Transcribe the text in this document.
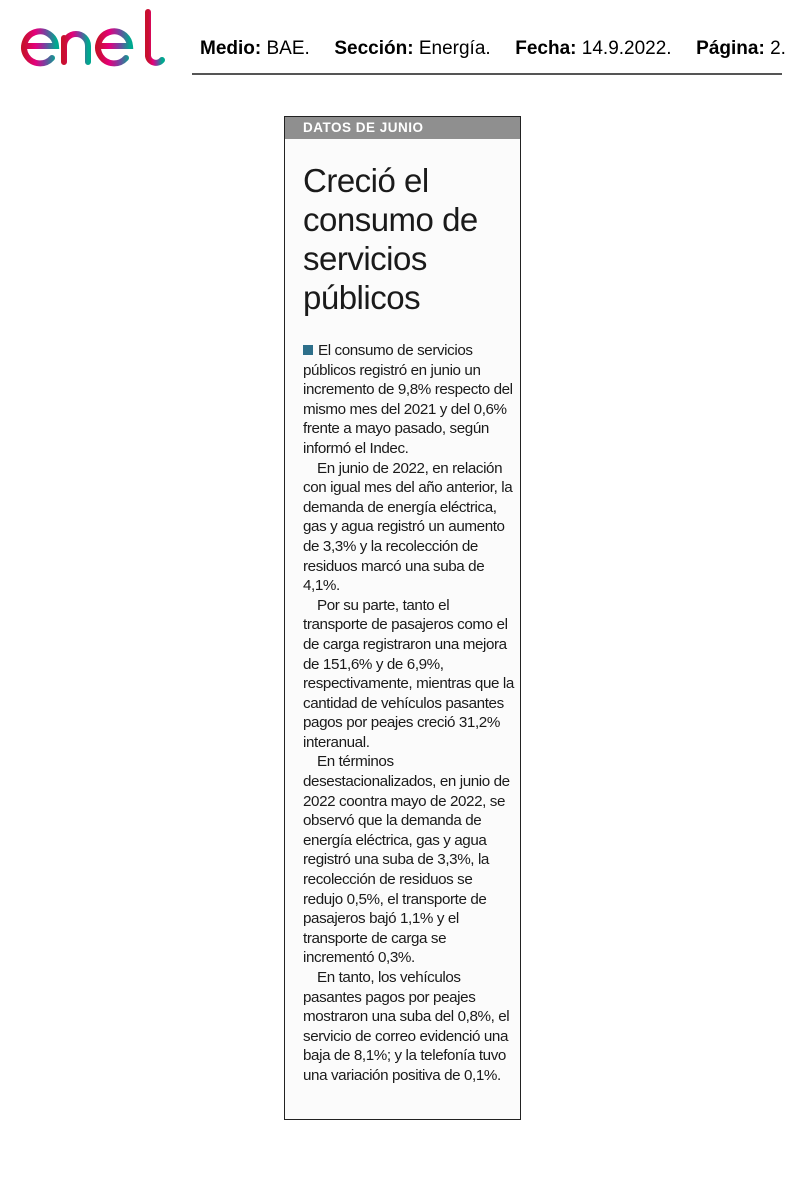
Medio: BAE. Sección: Energía. Fecha: 14.9.2022. Página: 2.
DATOS DE JUNIO
Creció el consumo de servicios públicos

El consumo de servicios públicos registró en junio un incremento de 9,8% respecto del mismo mes del 2021 y del 0,6% frente a mayo pasado, según informó el Indec.

En junio de 2022, en relación con igual mes del año anterior, la demanda de energía eléctrica, gas y agua registró un aumento de 3,3% y la recolección de residuos marcó una suba de 4,1%.

Por su parte, tanto el transporte de pasajeros como el de carga registraron una mejora de 151,6% y de 6,9%, respectivamente, mientras que la cantidad de vehículos pasantes pagos por peajes creció 31,2% interanual.

En términos desestacionalizados, en junio de 2022 coontra mayo de 2022, se observó que la demanda de energía eléctrica, gas y agua registró una suba de 3,3%, la recolección de residuos se redujo 0,5%, el transporte de pasajeros bajó 1,1% y el transporte de carga se incrementó 0,3%.

En tanto, los vehículos pasantes pagos por peajes mostraron una suba del 0,8%, el servicio de correo evidenció una baja de 8,1%; y la telefonía tuvo una variación positiva de 0,1%.
